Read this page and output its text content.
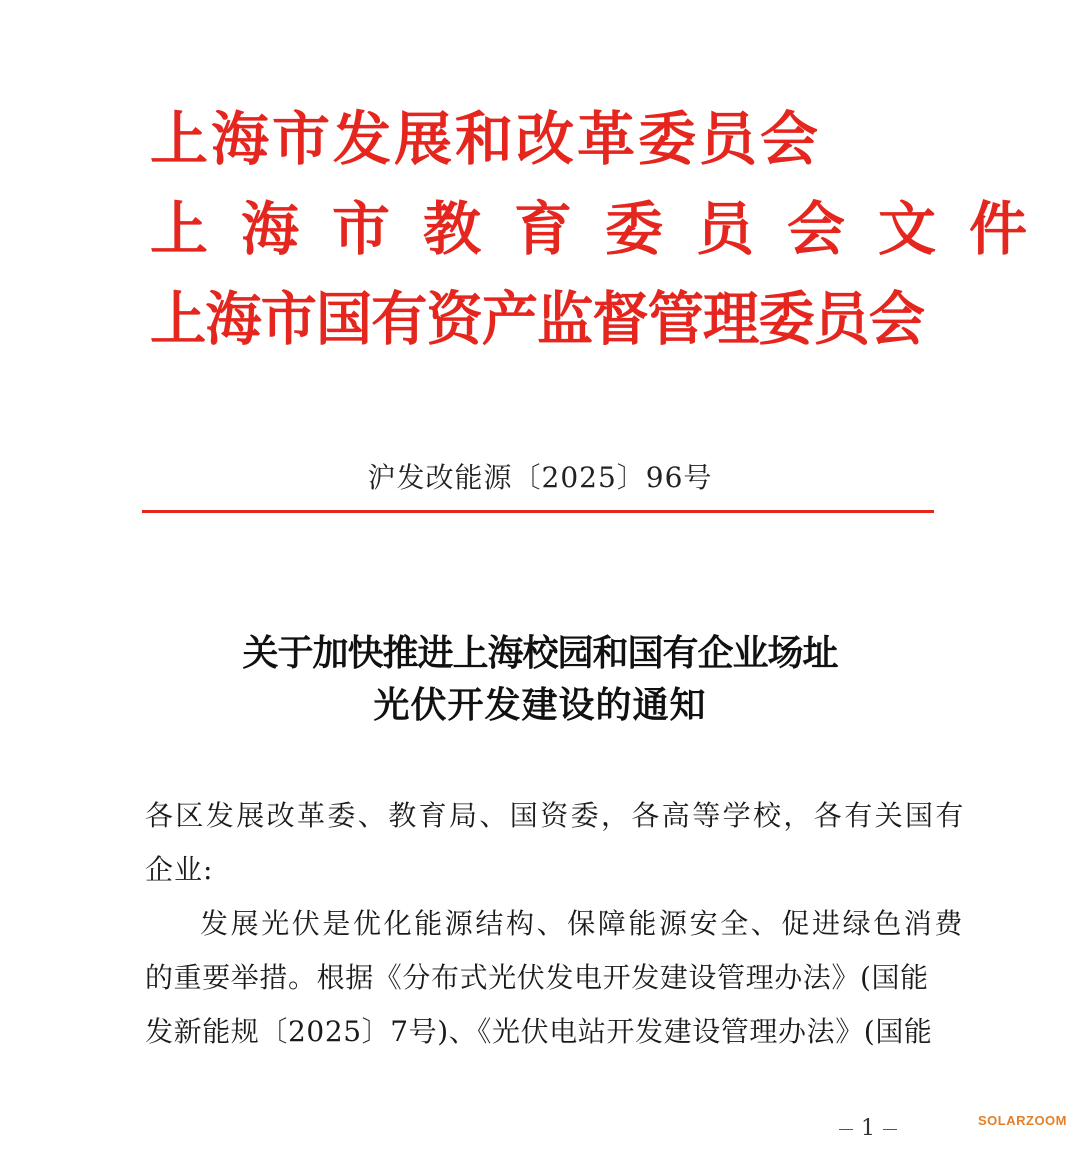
上海市发展和改革委员会
上海市教育委员会文件
上海市国有资产监督管理委员会
沪发改能源〔2025〕96号
关于加快推进上海校园和国有企业场址
光伏开发建设的通知
各区发展改革委、教育局、国资委，各高等学校，各有关国有
企业:
发展光伏是优化能源结构、保障能源安全、促进绿色消费
的重要举措。根据《分布式光伏发电开发建设管理办法》(国能
发新能规〔2025〕7号)、《光伏电站开发建设管理办法》(国能
1	SOLARZOOM
